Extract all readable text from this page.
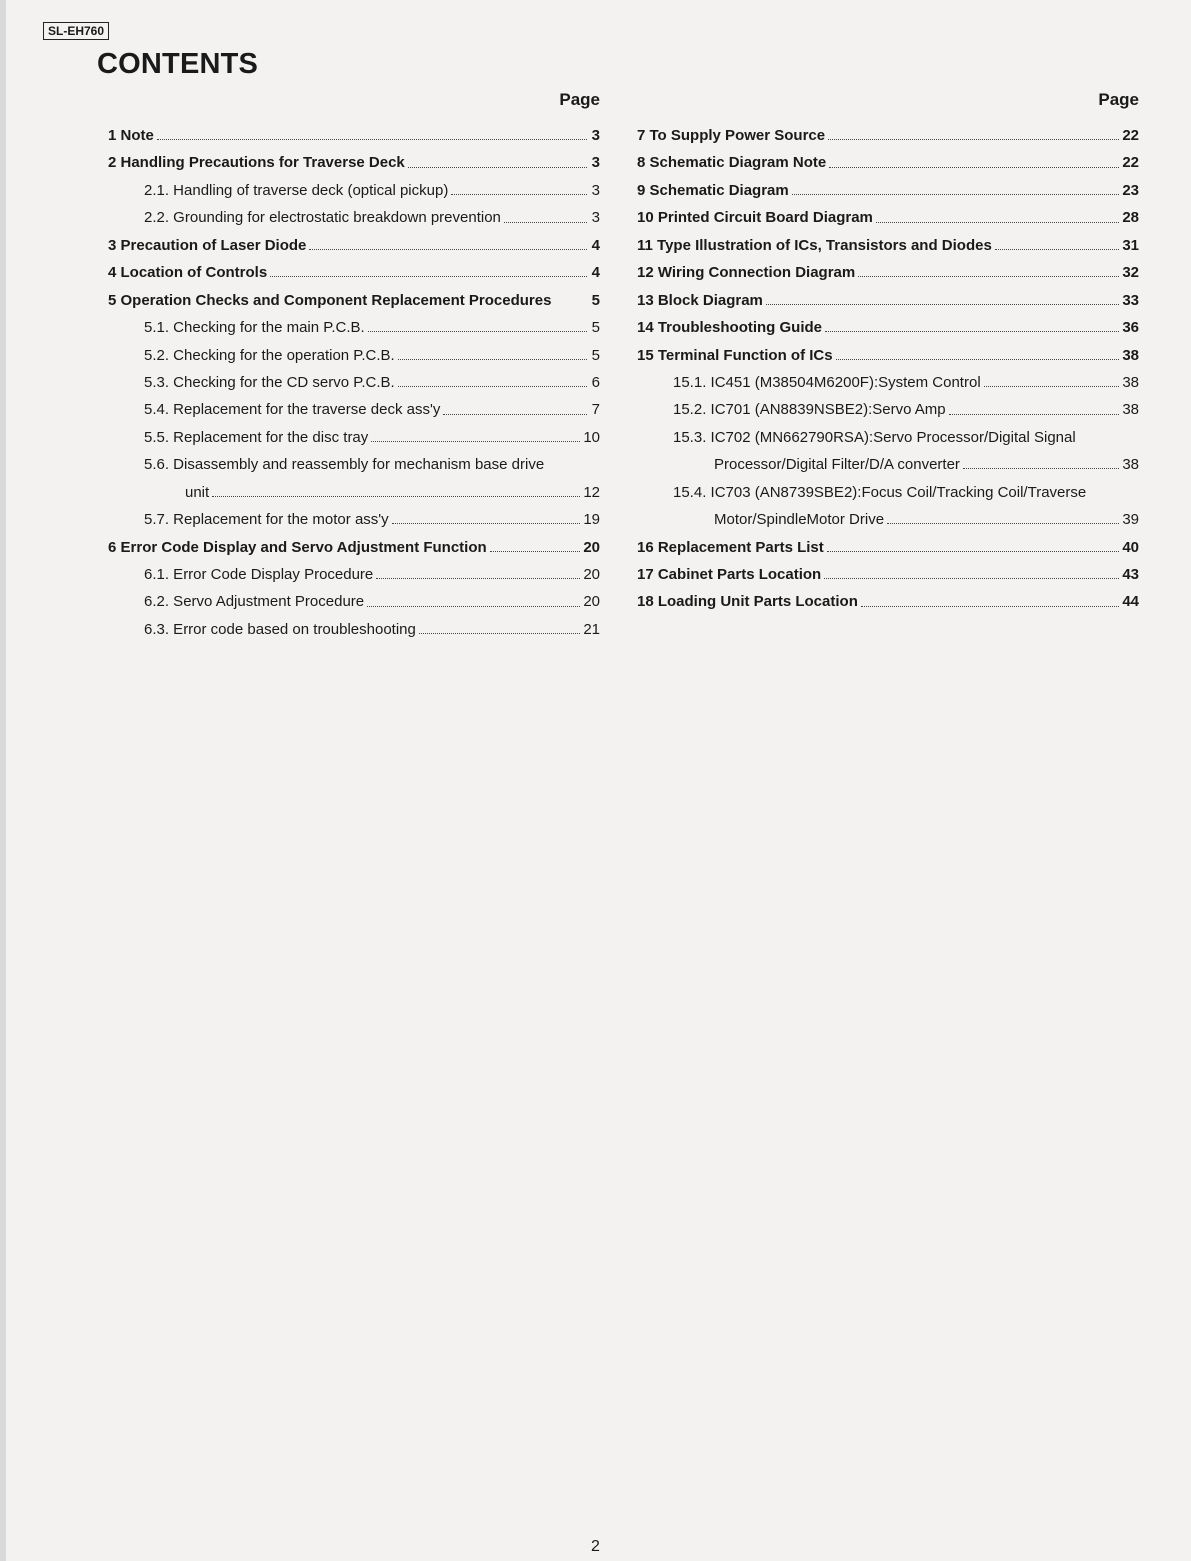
SL-EH760
CONTENTS
Page
1 Note	3
2 Handling Precautions for Traverse Deck	3
2.1. Handling of traverse deck (optical pickup)	3
2.2. Grounding for electrostatic breakdown prevention	3
3 Precaution of Laser Diode	4
4 Location of Controls	4
5 Operation Checks and Component Replacement Procedures	5
5.1. Checking for the main P.C.B.	5
5.2. Checking for the operation P.C.B.	5
5.3. Checking for the CD servo P.C.B.	6
5.4. Replacement for the traverse deck ass'y	7
5.5. Replacement for the disc tray	10
5.6. Disassembly and reassembly for mechanism base drive
unit	12
5.7. Replacement for the motor ass'y	19
6 Error Code Display and Servo Adjustment Function	20
6.1. Error Code Display Procedure	20
6.2. Servo Adjustment Procedure	20
6.3. Error code based on troubleshooting	21
Page
7 To Supply Power Source	22
8 Schematic Diagram Note	22
9 Schematic Diagram	23
10 Printed Circuit Board Diagram	28
11 Type Illustration of ICs, Transistors and Diodes	31
12 Wiring Connection Diagram	32
13 Block Diagram	33
14 Troubleshooting Guide	36
15 Terminal Function of ICs	38
15.1. IC451 (M38504M6200F):System Control	38
15.2. IC701 (AN8839NSBE2):Servo Amp	38
15.3. IC702 (MN662790RSA):Servo Processor/Digital Signal
Processor/Digital Filter/D/A converter	38
15.4. IC703 (AN8739SBE2):Focus Coil/Tracking Coil/Traverse
Motor/SpindleMotor Drive	39
16 Replacement Parts List	40
17 Cabinet Parts Location	43
18 Loading Unit Parts Location	44
2
